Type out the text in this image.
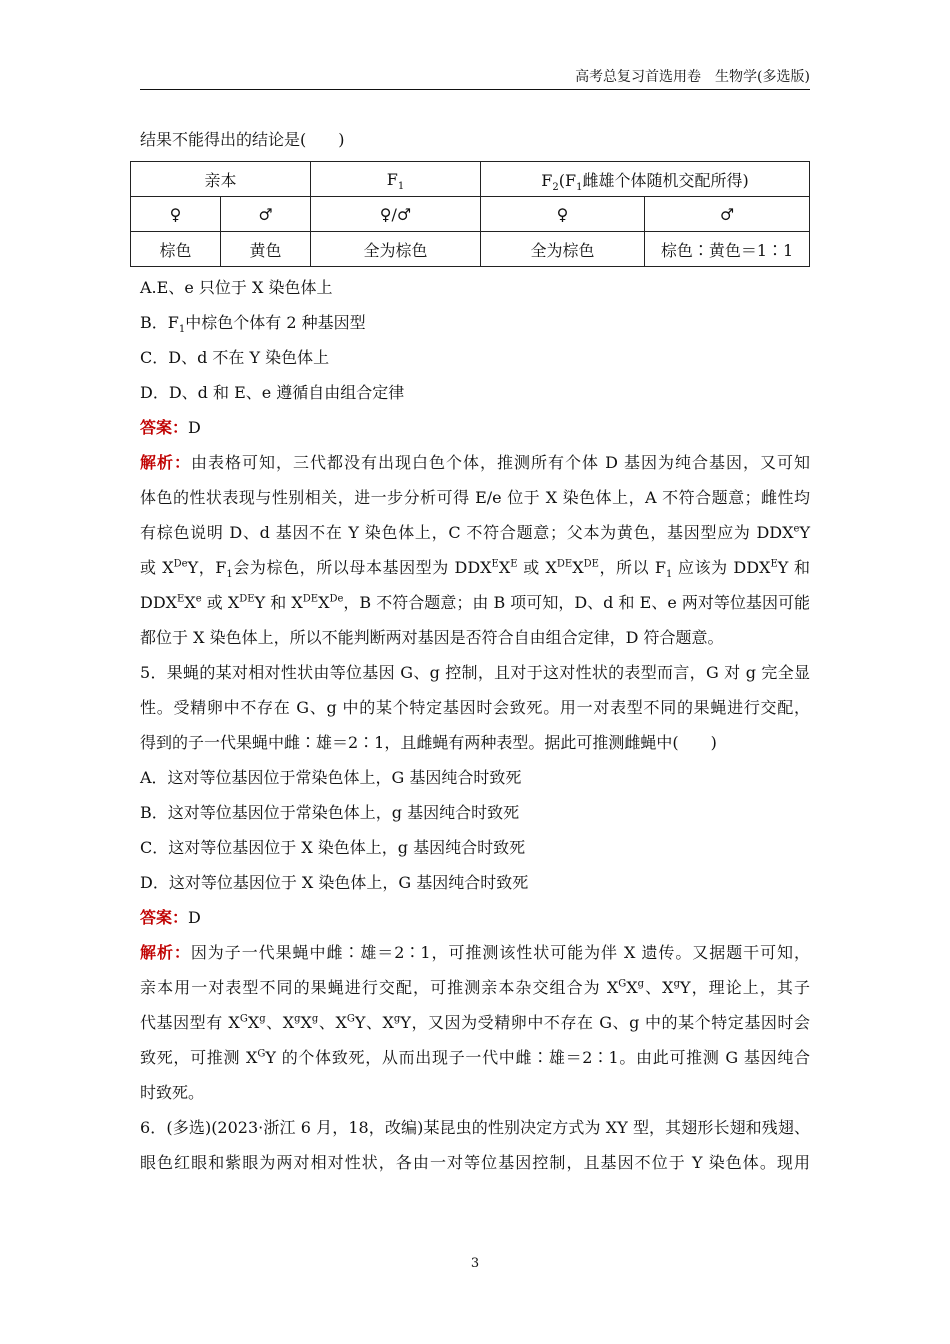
高考总复习首选用卷　生物学(多选版)
结果不能得出的结论是(　　)
亲本		$F_1$	$F_2(F_1$雌雄个体随机交配所得)	
♀	♂	♀/♂	♀	♂
棕色	黄色	全为棕色	全为棕色	棕色∶黄色＝1∶1
A.E、e 只位于 X 染色体上
B．$F_1$中棕色个体有 2 种基因型
C．D、d 不在 Y 染色体上
D．D、d 和 E、e 遵循自由组合定律
答案：D
解析：由表格可知，三代都没有出现白色个体，推测所有个体 D 基因为纯合基因，又可知
体色的性状表现与性别相关，进一步分析可得 E/e 位于 X 染色体上，A 不符合题意；雌性均
有棕色说明 D、d 基因不在 Y 染色体上，C 不符合题意；父本为黄色，基因型应为 DDXeY
或 XDeY，$F_1$会为棕色，所以母本基因型为 $DDX^EX^E$ 或 XDEXDE，所以 $F_1$ 应该为 $DDX^EY$ 和
$DDX^EXe$ 或 XDEY 和 XDEXDe，B 不符合题意；由 B 项可知，D、d 和 E、e 两对等位基因可能
都位于 X 染色体上，所以不能判断两对基因是否符合自由组合定律，D 符合题意。
5．果蝇的某对相对性状由等位基因 G、g 控制，且对于这对性状的表型而言，G 对 g 完全显
性。受精卵中不存在 G、g 中的某个特定基因时会致死。用一对表型不同的果蝇进行交配，
得到的子一代果蝇中雌∶雄＝2∶1，且雌蝇有两种表型。据此可推测雌蝇中(　　)
A．这对等位基因位于常染色体上，G 基因纯合时致死
B．这对等位基因位于常染色体上，g 基因纯合时致死
C．这对等位基因位于 X 染色体上，g 基因纯合时致死
D．这对等位基因位于 X 染色体上，G 基因纯合时致死
答案：D
解析：因为子一代果蝇中雌∶雄＝2∶1，可推测该性状可能为伴 X 遗传。又据题干可知，
亲本用一对表型不同的果蝇进行交配，可推测亲本杂交组合为 $X^GX^g$、$X^gY$，理论上，其子
代基因型有 $X^GX^g$、$X^gX^g$、$X^GY$、$X^gY$，又因为受精卵中不存在 G、g 中的某个特定基因时会
致死，可推测 $X^GY$ 的个体致死，从而出现子一代中雌∶雄＝2∶1。由此可推测 G 基因纯合
时致死。
6．(多选)(2023·浙江 6 月，18，改编)某昆虫的性别决定方式为 XY 型，其翅形长翅和残翅、
眼色红眼和紫眼为两对相对性状，各由一对等位基因控制，且基因不位于 Y 染色体。现用
3
